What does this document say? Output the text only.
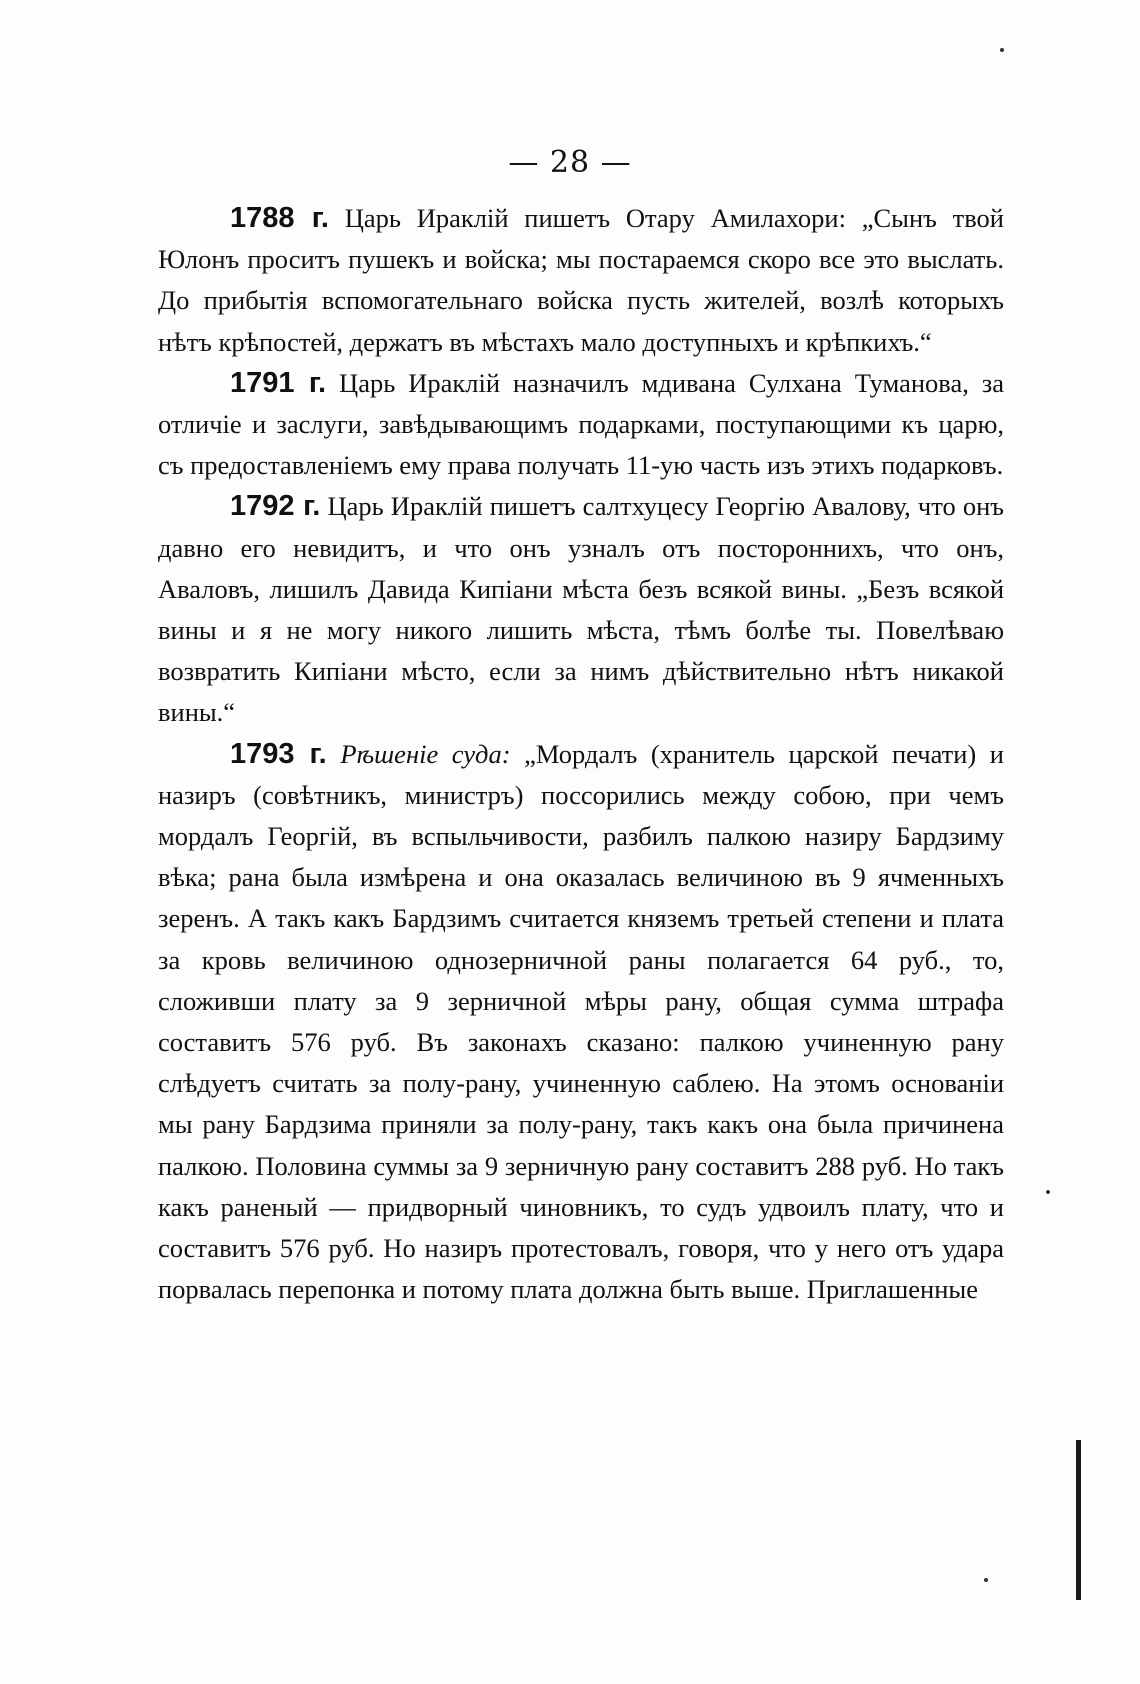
— 28 —

1788 г. Царь Ираклій пишетъ Отару Амилахори: „Сынъ твой Юлонъ проситъ пушекъ и войска; мы постараемся скоро все это выслать. До прибытія вспомогательнаго войска пусть жителей, возлѣ которыхъ нѣтъ крѣпостей, держатъ въ мѣстахъ мало доступныхъ и крѣпкихъ.“

1791 г. Царь Ираклій назначилъ мдивана Сулхана Туманова, за отличіе и заслуги, завѣдывающимъ подарками, поступающими къ царю, съ предоставленіемъ ему права получать 11-ую часть изъ этихъ подарковъ.

1792 г. Царь Ираклій пишетъ салтхуцесу Георгію Авалову, что онъ давно его невидитъ, и что онъ узналъ отъ постороннихъ, что онъ, Аваловъ, лишилъ Давида Кипіани мѣста безъ всякой вины. „Безъ всякой вины и я не могу никого лишить мѣста, тѣмъ болѣе ты. Повелѣваю возвратить Кипіани мѣсто, если за нимъ дѣйствительно нѣтъ никакой вины.“

1793 г. Рѣшеніе суда: „Мордалъ (хранитель царской печати) и назиръ (совѣтникъ, министръ) поссорились между собою, при чемъ мордалъ Георгій, въ вспыльчивости, разбилъ палкою назиру Бардзиму вѣка; рана была измѣрена и она оказалась величиною въ 9 ячменныхъ зеренъ. А такъ какъ Бардзимъ считается княземъ третьей степени и плата за кровь величиною однозерничной раны полагается 64 руб., то, сложивши плату за 9 зерничной мѣры рану, общая сумма штрафа составитъ 576 руб. Въ законахъ сказано: палкою учиненную рану слѣдуетъ считать за полу-рану, учиненную саблею. На этомъ основаніи мы рану Бардзима приняли за полу-рану, такъ какъ она была причинена палкою. Половина суммы за 9 зерничную рану составитъ 288 руб. Но такъ какъ раненый — придворный чиновникъ, то судъ удвоилъ плату, что и составитъ 576 руб. Но назиръ протестовалъ, говоря, что у него отъ удара порвалась перепонка и потому плата должна быть выше. Приглашенные
